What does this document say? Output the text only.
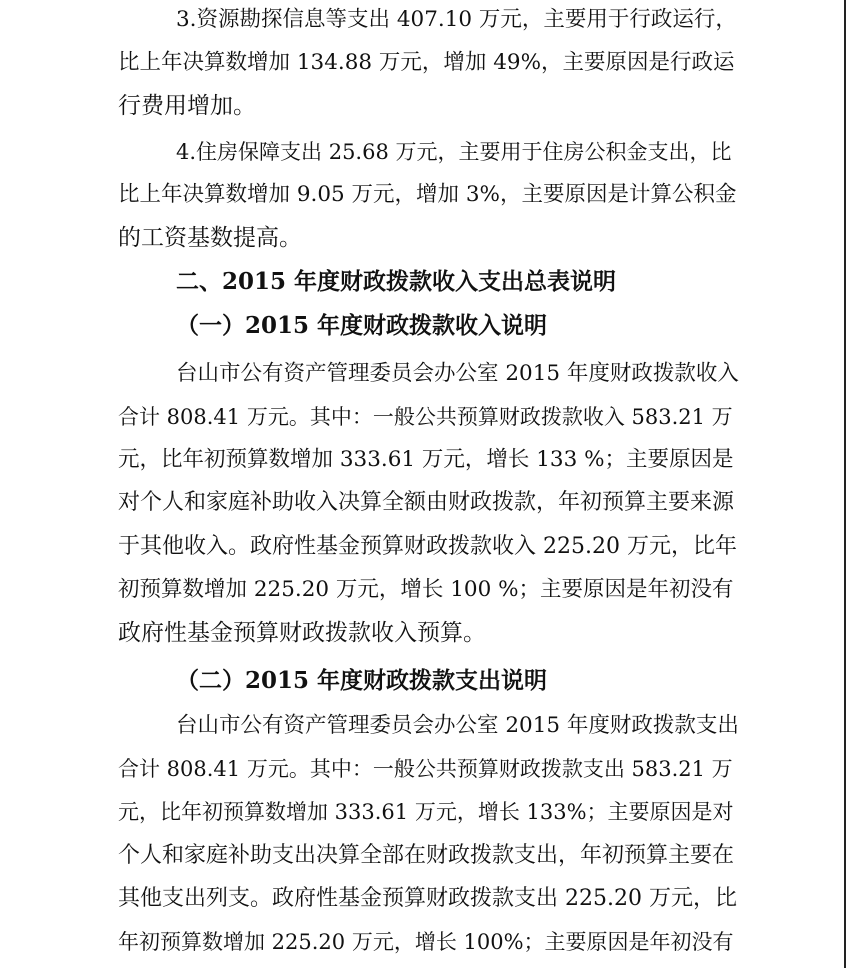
3.资源勘探信息等支出 407.10 万元，主要用于行政运行，
比上年决算数增加 134.88 万元，增加 49%，主要原因是行政运
行费用增加。
4.住房保障支出 25.68 万元，主要用于住房公积金支出，比
比上年决算数增加 9.05 万元，增加 3%，主要原因是计算公积金
的工资基数提高。
二、2015 年度财政拨款收入支出总表说明
（一）2015 年度财政拨款收入说明
台山市公有资产管理委员会办公室 2015 年度财政拨款收入
合计 808.41 万元。其中：一般公共预算财政拨款收入 583.21 万
元，比年初预算数增加 333.61 万元，增长 133 %；主要原因是
对个人和家庭补助收入决算全额由财政拨款，年初预算主要来源
于其他收入。政府性基金预算财政拨款收入 225.20 万元，比年
初预算数增加 225.20 万元，增长 100 %；主要原因是年初没有
政府性基金预算财政拨款收入预算。
（二）2015 年度财政拨款支出说明
台山市公有资产管理委员会办公室 2015 年度财政拨款支出
合计 808.41 万元。其中：一般公共预算财政拨款支出 583.21 万
元，比年初预算数增加 333.61 万元，增长 133%；主要原因是对
个人和家庭补助支出决算全部在财政拨款支出，年初预算主要在
其他支出列支。政府性基金预算财政拨款支出 225.20 万元，比
年初预算数增加 225.20 万元，增长 100%；主要原因是年初没有
